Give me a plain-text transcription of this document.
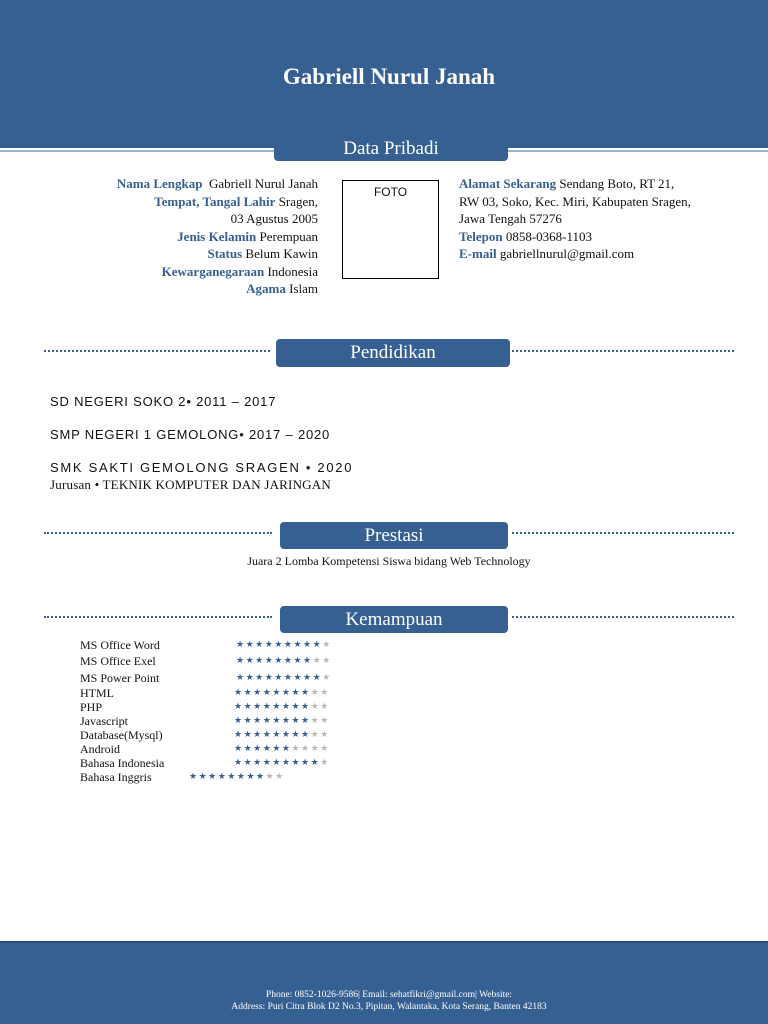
Gabriell Nurul Janah
Data Pribadi
Nama Lengkap Gabriell Nurul Janah
Tempat, Tangal Lahir Sragen,
03 Agustus 2005
Jenis Kelamin Perempuan
Status Belum Kawin
Kewarganegaraan Indonesia
Agama Islam
FOTO
Alamat Sekarang Sendang Boto, RT 21,
RW 03, Soko, Kec. Miri, Kabupaten Sragen,
Jawa Tengah 57276
Telepon 0858-0368-1103
E-mail gabriellnurul@gmail.com
Pendidikan
SD NEGERI SOKO 2• 2011 – 2017
SMP NEGERI 1 GEMOLONG• 2017 – 2020
SMK SAKTI GEMOLONG SRAGEN • 2020
Jurusan • TEKNIK KOMPUTER DAN JARINGAN
Prestasi
Juara 2 Lomba Kompetensi Siswa bidang Web Technology
Kemampuan
MS Office Word	★★★★★★★★★★
MS Office Exel	★★★★★★★★★★
MS Power Point	★★★★★★★★★★
HTML	★★★★★★★★★★
PHP	★★★★★★★★★★
Javascript	★★★★★★★★★★
Database(Mysql)	★★★★★★★★★★
Android	★★★★★★★★★★
Bahasa Indonesia	★★★★★★★★★★
Bahasa Inggris	★★★★★★★★★★
Phone: 0852-1026-9586| Email: sehatfikri@gmail.com| Website:
Address: Puri Citra Blok D2 No.3, Pipitan, Walantaka, Kota Serang, Banten 42183
